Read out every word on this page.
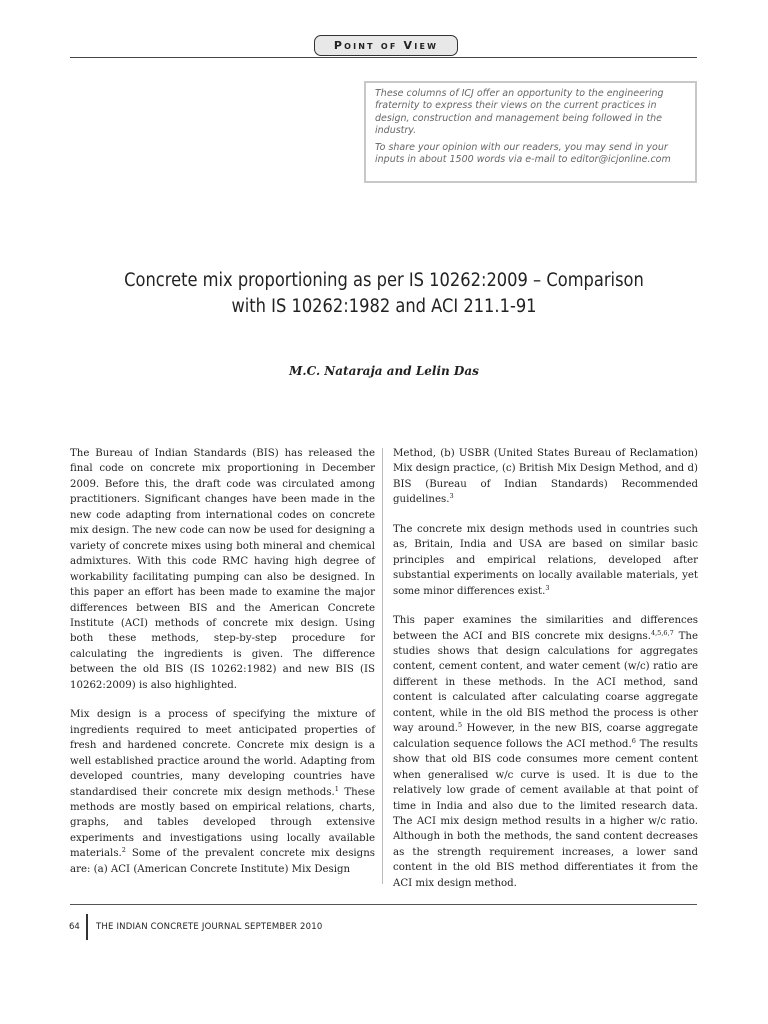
Point of View

These columns of ICJ offer an opportunity to the engineering fraternity to express their views on the current practices in design, construction and management being followed in the industry.

To share your opinion with our readers, you may send in your inputs in about 1500 words via e-mail to editor@icjonline.com

Concrete mix proportioning as per IS 10262:2009 – Comparison
with IS 10262:1982 and ACI 211.1-91
M.C. Nataraja and Lelin Das

The Bureau of Indian Standards (BIS) has released the final code on concrete mix proportioning in December 2009. Before this, the draft code was circulated among practitioners. Significant changes have been made in the new code adapting from international codes on concrete mix design. The new code can now be used for designing a variety of concrete mixes using both mineral and chemical admixtures. With this code RMC having high degree of workability facilitating pumping can also be designed. In this paper an effort has been made to examine the major differences between BIS and the American Concrete Institute (ACI) methods of concrete mix design. Using both these methods, step-by-step procedure for calculating the ingredients is given. The difference between the old BIS (IS 10262:1982) and new BIS (IS 10262:2009) is also highlighted.

Mix design is a process of specifying the mixture of ingredients required to meet anticipated properties of fresh and hardened concrete. Concrete mix design is a well established practice around the world. Adapting from developed countries, many developing countries have standardised their concrete mix design methods.$^1$ These methods are mostly based on empirical relations, charts, graphs, and tables developed through extensive experiments and investigations using locally available materials.$^2$ Some of the prevalent concrete mix designs are: (a) ACI (American Concrete Institute) Mix Design

Method, (b) USBR (United States Bureau of Reclamation) Mix design practice, (c) British Mix Design Method, and d) BIS (Bureau of Indian Standards) Recommended guidelines.$^3$

The concrete mix design methods used in countries such as, Britain, India and USA are based on similar basic principles and empirical relations, developed after substantial experiments on locally available materials, yet some minor differences exist.$^3$

This paper examines the similarities and differences between the ACI and BIS concrete mix designs.$^{4,5,6,7}$ The studies shows that design calculations for aggregates content, cement content, and water cement (w/c) ratio are different in these methods. In the ACI method, sand content is calculated after calculating coarse aggregate content, while in the old BIS method the process is other way around.$^5$ However, in the new BIS, coarse aggregate calculation sequence follows the ACI method.$^6$ The results show that old BIS code consumes more cement content when generalised w/c curve is used. It is due to the relatively low grade of cement available at that point of time in India and also due to the limited research data. The ACI mix design method results in a higher w/c ratio. Although in both the methods, the sand content decreases as the strength requirement increases, a lower sand content in the old BIS method differentiates it from the ACI mix design method.

64 THE INDIAN CONCRETE JOURNAL SEPTEMBER 2010
